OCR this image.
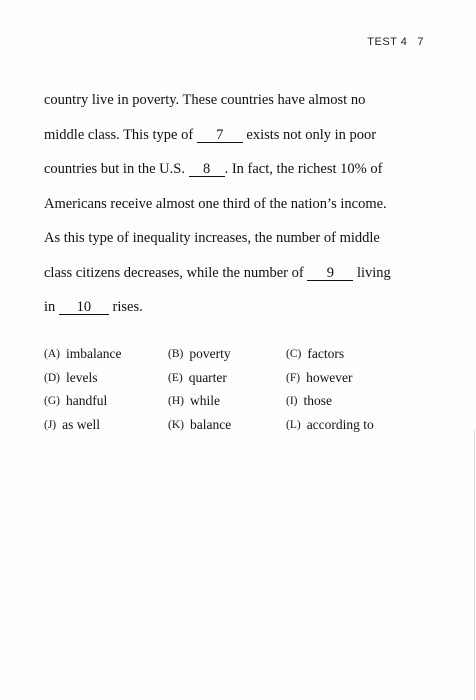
TEST 4 7
country live in poverty. These countries have almost no
middle class. This type of 7 exists not only in poor
countries but in the U.S. 8 . In fact, the richest 10% of
Americans receive almost one third of the nation’s income.
As this type of inequality increases, the number of middle
class citizens decreases, while the number of 9 living
in 10 rises.
(A) imbalance	(B) poverty	(C) factors
(D) levels	(E) quarter	(F) however
(G) handful	(H) while	(I) those
(J) as well	(K) balance	(L) according to
